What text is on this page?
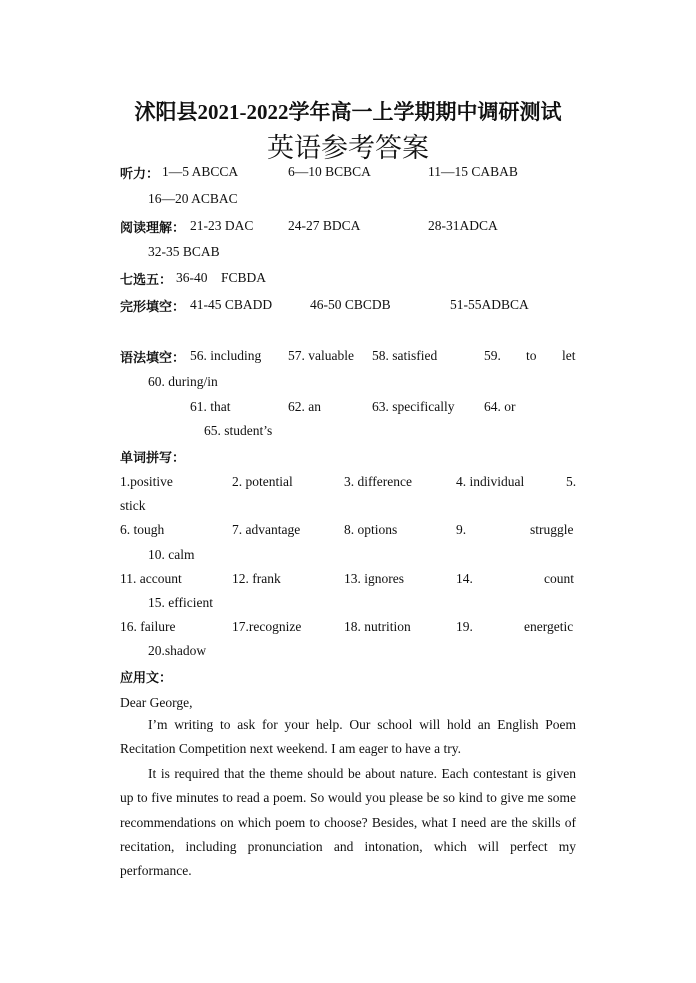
沭阳县2021-2022学年高一上学期期中调研测试
英语参考答案
听力： 1—5 ABCCA	6—10 BCBCA	11—15 CABAB
16—20 ACBAC
阅读理解： 21-23 DAC	24-27 BDCA	28-31ADCA
32-35 BCAB
七选五： 36-40　FCBDA
完形填空： 41-45 CBADD	46-50 CBCDB	51-55ADBCA
语法填空： 56. including 57. valuable 58. satisfied	59. to let
60. during/in
61. that	62. an	63. specifically 64. or
65. student’s
单词拼写：
1.positive	2. potential	3. difference	4. individual	5.
stick
6. tough	7. advantage	8. options	9.	struggle
10. calm
11. account	12. frank	13. ignores	14.	count
15. efficient
16. failure	17.recognize	18. nutrition	19.	energetic
20.shadow
应用文：
Dear George,
I’m writing to ask for your help. Our school will hold an English Poem Recitation Competition next weekend. I am eager to have a try.
It is required that the theme should be about nature. Each contestant is given up to five minutes to read a poem. So would you please be so kind to give me some recommendations on which poem to choose? Besides, what I need are the skills of recitation, including pronunciation and intonation, which will perfect my performance.
